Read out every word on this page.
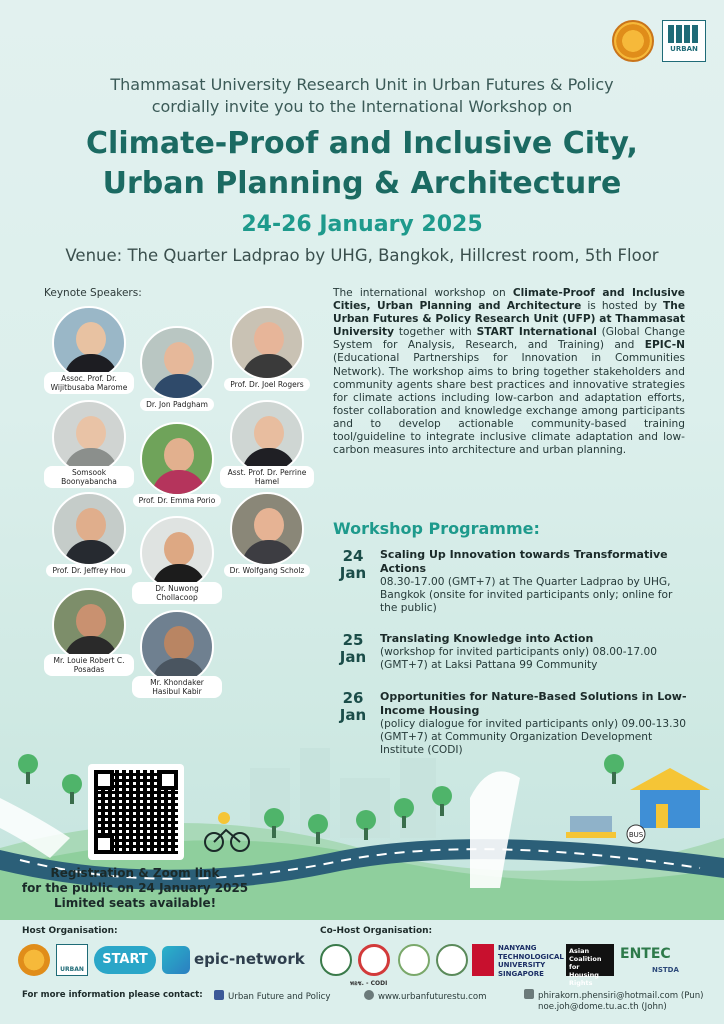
URBAN
Thammasat University Research Unit in Urban Futures & Policy
cordially invite you to the International Workshop on
Climate-Proof and Inclusive City,
Urban Planning & Architecture
24-26 January 2025
Venue: The Quarter Ladprao by UHG, Bangkok, Hillcrest room, 5th Floor
Keynote Speakers:
Assoc. Prof. Dr. Wijitbusaba Marome
Dr. Jon Padgham
Prof. Dr. Joel Rogers
Somsook Boonyabancha
Prof. Dr. Emma Porio
Asst. Prof. Dr. Perrine Hamel
Prof. Dr. Jeffrey Hou
Dr. Nuwong Chollacoop
Dr. Wolfgang Scholz
Mr. Louie Robert C. Posadas
Mr. Khondaker Hasibul Kabir
The international workshop on Climate-Proof and Inclusive Cities, Urban Planning and Architecture is hosted by The Urban Futures & Policy Research Unit (UFP) at Thammasat University together with START International (Global Change System for Analysis, Research, and Training) and EPIC-N (Educational Partnerships for Innovation in Communities Network). The workshop aims to bring together stakeholders and community agents share best practices and innovative strategies for climate actions including low-carbon and adaptation efforts, foster collaboration and knowledge exchange among participants and to develop actionable community-based training tool/guideline to integrate inclusive climate adaptation and low-carbon measures into architecture and urban planning.
Workshop Programme:
24
Jan
Scaling Up Innovation towards Transformative Actions
08.30-17.00 (GMT+7) at The Quarter Ladprao by UHG, Bangkok (onsite for invited participants only; online for the public)
25
Jan
Translating Knowledge into Action
(workshop for invited participants only) 08.00-17.00 (GMT+7) at Laksi Pattana 99 Community
26
Jan
Opportunities for Nature-Based Solutions in Low-Income Housing
(policy dialogue for invited participants only) 09.00-13.30 (GMT+7) at Community Organization Development Institute (CODI)
BUS
Registration & Zoom link
for the public on 24 January 2025
Limited seats available!
Host Organisation:	Co-Host Organisation:
URBAN
START	epic-network
พอช. - CODI
NANYANG TECHNOLOGICAL UNIVERSITY SINGAPORE
Asian Coalition for Housing Rights
ENTEC
NSTDA
For more information please contact:	Urban Future and Policy	www.urbanfuturestu.com	phirakorn.phensiri@hotmail.com (Pun)
noe.joh@dome.tu.ac.th (John)
